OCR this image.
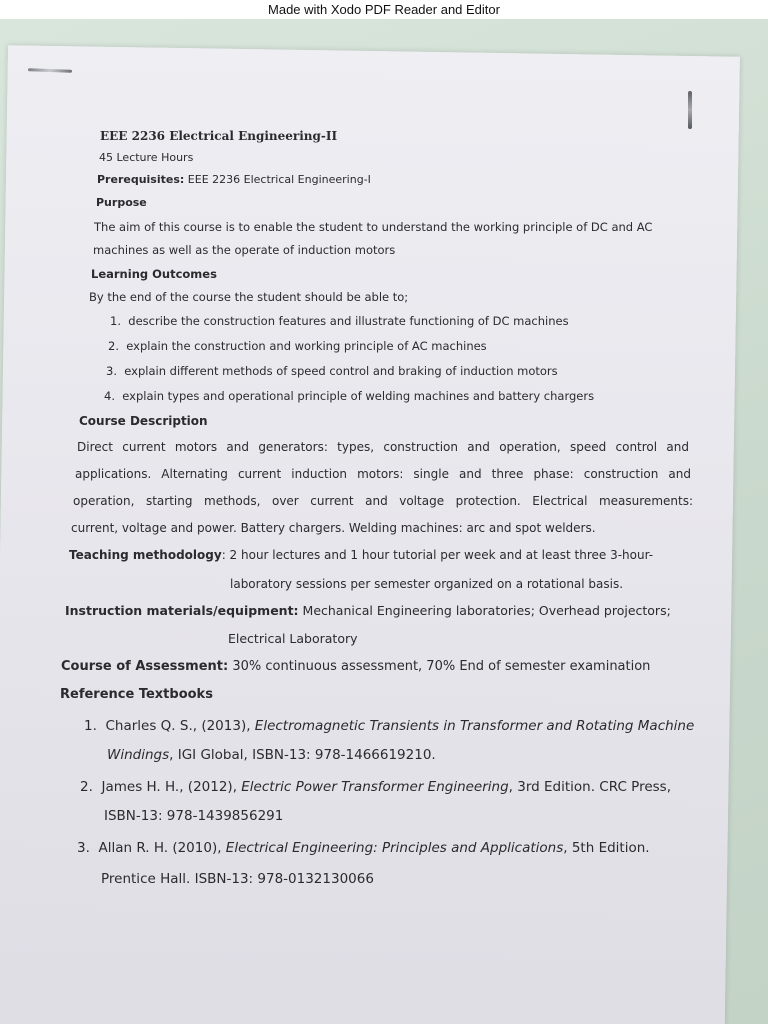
Made with Xodo PDF Reader and Editor

EEE 2236 Electrical Engineering-II

45 Lecture Hours

Prerequisites: EEE 2236 Electrical Engineering-I

Purpose

The aim of this course is to enable the student to understand the working principle of DC and AC

machines as well as the operate of induction motors

Learning Outcomes

By the end of the course the student should be able to;

1. describe the construction features and illustrate functioning of DC machines

2. explain the construction and working principle of AC machines

3. explain different methods of speed control and braking of induction motors

4. explain types and operational principle of welding machines and battery chargers

Course Description

Direct current motors and generators: types, construction and operation, speed control and

applications. Alternating current induction motors: single and three phase: construction and

operation, starting methods, over current and voltage protection. Electrical measurements:

current, voltage and power. Battery chargers. Welding machines: arc and spot welders.

Teaching methodology: 2 hour lectures and 1 hour tutorial per week and at least three 3-hour-

laboratory sessions per semester organized on a rotational basis.

Instruction materials/equipment: Mechanical Engineering laboratories; Overhead projectors;

Electrical Laboratory

Course of Assessment: 30% continuous assessment, 70% End of semester examination

Reference Textbooks

1. Charles Q. S., (2013), Electromagnetic Transients in Transformer and Rotating Machine

Windings, IGI Global, ISBN-13: 978-1466619210.

2. James H. H., (2012), Electric Power Transformer Engineering, 3rd Edition. CRC Press,

ISBN-13: 978-1439856291

3. Allan R. H. (2010), Electrical Engineering: Principles and Applications, 5th Edition.

Prentice Hall. ISBN-13: 978-0132130066
